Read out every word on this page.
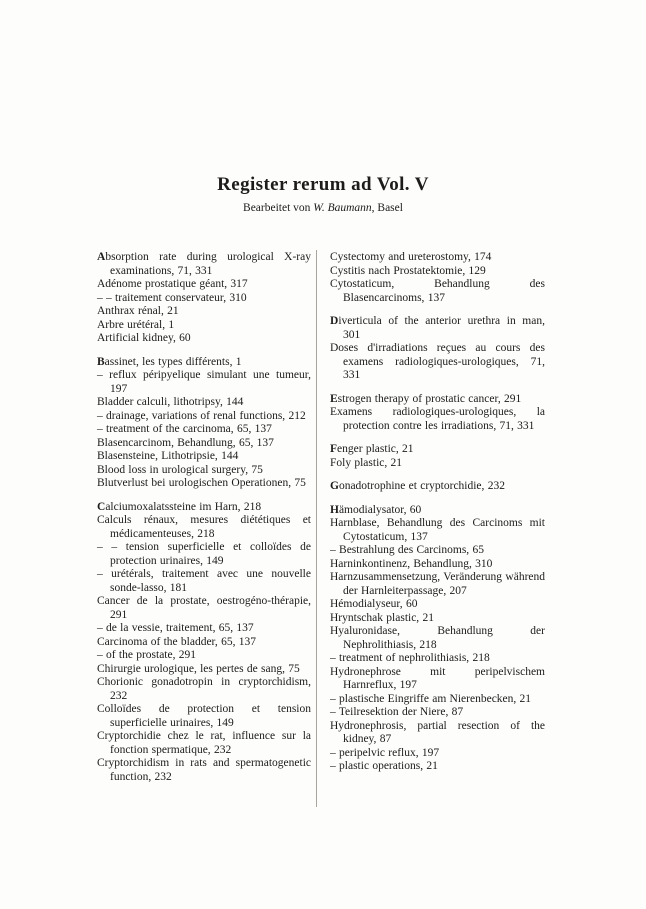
Register rerum ad Vol. V

Bearbeitet von W. Baumann, Basel

Absorption rate during urological X-ray examinations, 71, 331

Adénome prostatique géant, 317

– – traitement conservateur, 310

Anthrax rénal, 21

Arbre urétéral, 1

Artificial kidney, 60

Bassinet, les types différents, 1

– reflux péripyelique simulant une tumeur, 197

Bladder calculi, lithotripsy, 144

– drainage, variations of renal functions, 212

– treatment of the carcinoma, 65, 137

Blasencarcinom, Behandlung, 65, 137

Blasensteine, Lithotripsie, 144

Blood loss in urological surgery, 75

Blutverlust bei urologischen Operationen, 75

Calciumoxalatssteine im Harn, 218

Calculs rénaux, mesures diététiques et médicamenteuses, 218

– – tension superficielle et colloïdes de protection urinaires, 149

– urétérals, traitement avec une nouvelle sonde-lasso, 181

Cancer de la prostate, oestrogéno-thérapie, 291

– de la vessie, traitement, 65, 137

Carcinoma of the bladder, 65, 137

– of the prostate, 291

Chirurgie urologique, les pertes de sang, 75

Chorionic gonadotropin in cryptorchidism, 232

Colloïdes de protection et tension superficielle urinaires, 149

Cryptorchidie chez le rat, influence sur la fonction spermatique, 232

Cryptorchidism in rats and spermatogenetic function, 232

Cystectomy and ureterostomy, 174

Cystitis nach Prostatektomie, 129

Cytostaticum, Behandlung des Blasencarcinoms, 137

Diverticula of the anterior urethra in man, 301

Doses d'irradiations reçues au cours des examens radiologiques-urologiques, 71, 331

Estrogen therapy of prostatic cancer, 291

Examens radiologiques-urologiques, la protection contre les irradiations, 71, 331

Fenger plastic, 21

Foly plastic, 21

Gonadotrophine et cryptorchidie, 232

Hämodialysator, 60

Harnblase, Behandlung des Carcinoms mit Cytostaticum, 137

– Bestrahlung des Carcinoms, 65

Harninkontinenz, Behandlung, 310

Harnzusammensetzung, Veränderung während der Harnleiterpassage, 207

Hémodialyseur, 60

Hryntschak plastic, 21

Hyaluronidase, Behandlung der Nephrolithiasis, 218

– treatment of nephrolithiasis, 218

Hydronephrose mit peripelvischem Harnreflux, 197

– plastische Eingriffe am Nierenbecken, 21

– Teilresektion der Niere, 87

Hydronephrosis, partial resection of the kidney, 87

– peripelvic reflux, 197

– plastic operations, 21
